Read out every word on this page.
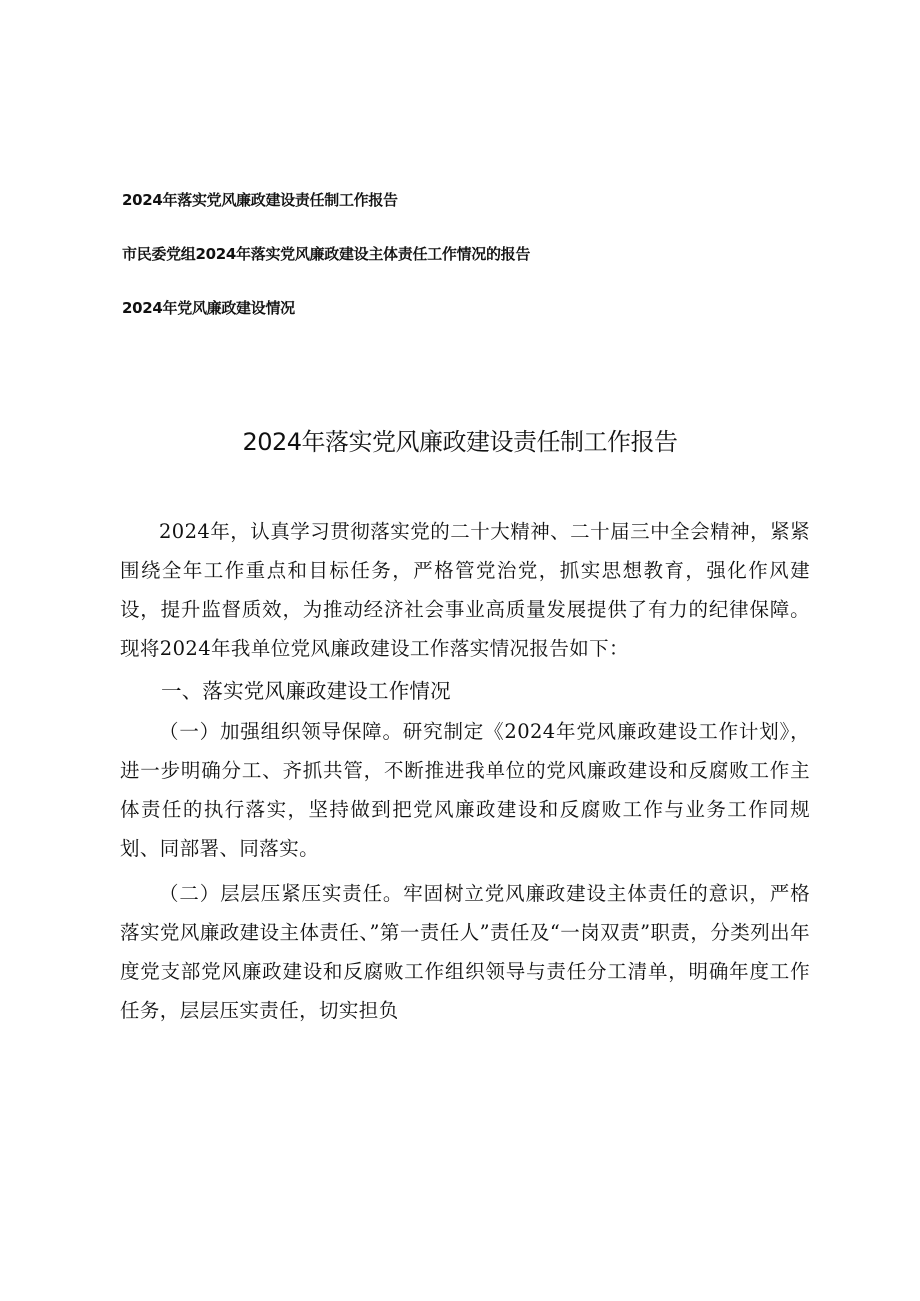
2024年落实党风廉政建设责任制工作报告
市民委党组2024年落实党风廉政建设主体责任工作情况的报告
2024年党风廉政建设情况
2024年落实党风廉政建设责任制工作报告

2024年，认真学习贯彻落实党的二十大精神、二十届三中全会精神，紧紧围绕全年工作重点和目标任务，严格管党治党，抓实思想教育，强化作风建设，提升监督质效，为推动经济社会事业高质量发展提供了有力的纪律保障。现将2024年我单位党风廉政建设工作落实情况报告如下：

一、落实党风廉政建设工作情况

（一）加强组织领导保障。研究制定《2024年党风廉政建设工作计划》，进一步明确分工、齐抓共管，不断推进我单位的党风廉政建设和反腐败工作主体责任的执行落实，坚持做到把党风廉政建设和反腐败工作与业务工作同规划、同部署、同落实。

（二）层层压紧压实责任。牢固树立党风廉政建设主体责任的意识，严格落实党风廉政建设主体责任、”第一责任人”责任及“一岗双责”职责，分类列出年度党支部党风廉政建设和反腐败工作组织领导与责任分工清单，明确年度工作任务，层层压实责任，切实担负
